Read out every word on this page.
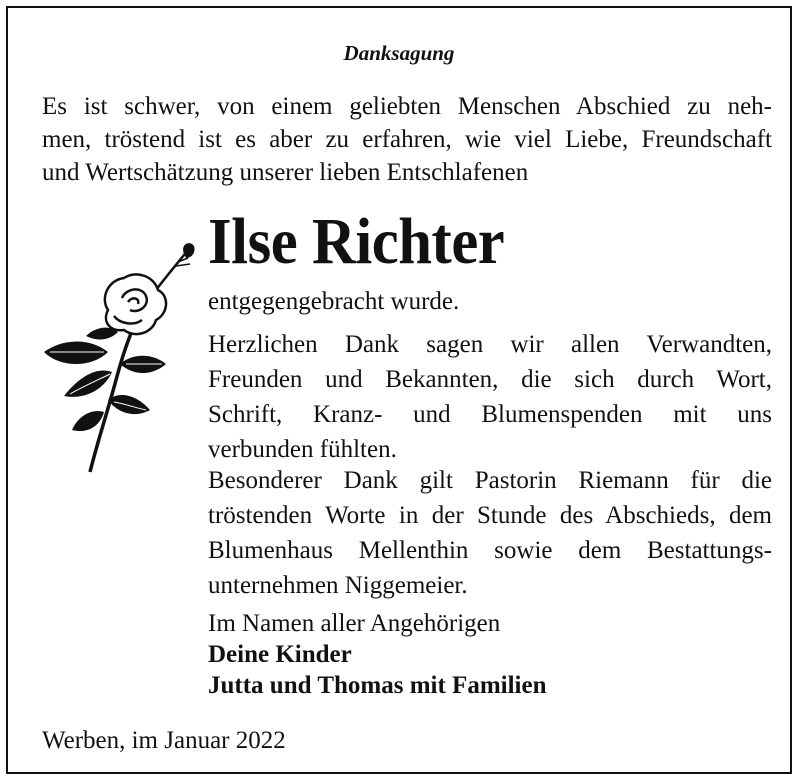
Danksagung
Es ist schwer, von einem geliebten Menschen Abschied zu neh-
men, tröstend ist es aber zu erfahren, wie viel Liebe, Freundschaft
und Wertschätzung unserer lieben Entschlafenen
Ilse Richter
entgegengebracht wurde.
Herzlichen Dank sagen wir allen Verwandten,
Freunden und Bekannten, die sich durch Wort,
Schrift, Kranz- und Blumenspenden mit uns
verbunden fühlten.
Besonderer Dank gilt Pastorin Riemann für die
tröstenden Worte in der Stunde des Abschieds, dem
Blumenhaus Mellenthin sowie dem Bestattungs-
unternehmen Niggemeier.
Im Namen aller Angehörigen
Deine Kinder
Jutta und Thomas mit Familien
Werben, im Januar 2022
